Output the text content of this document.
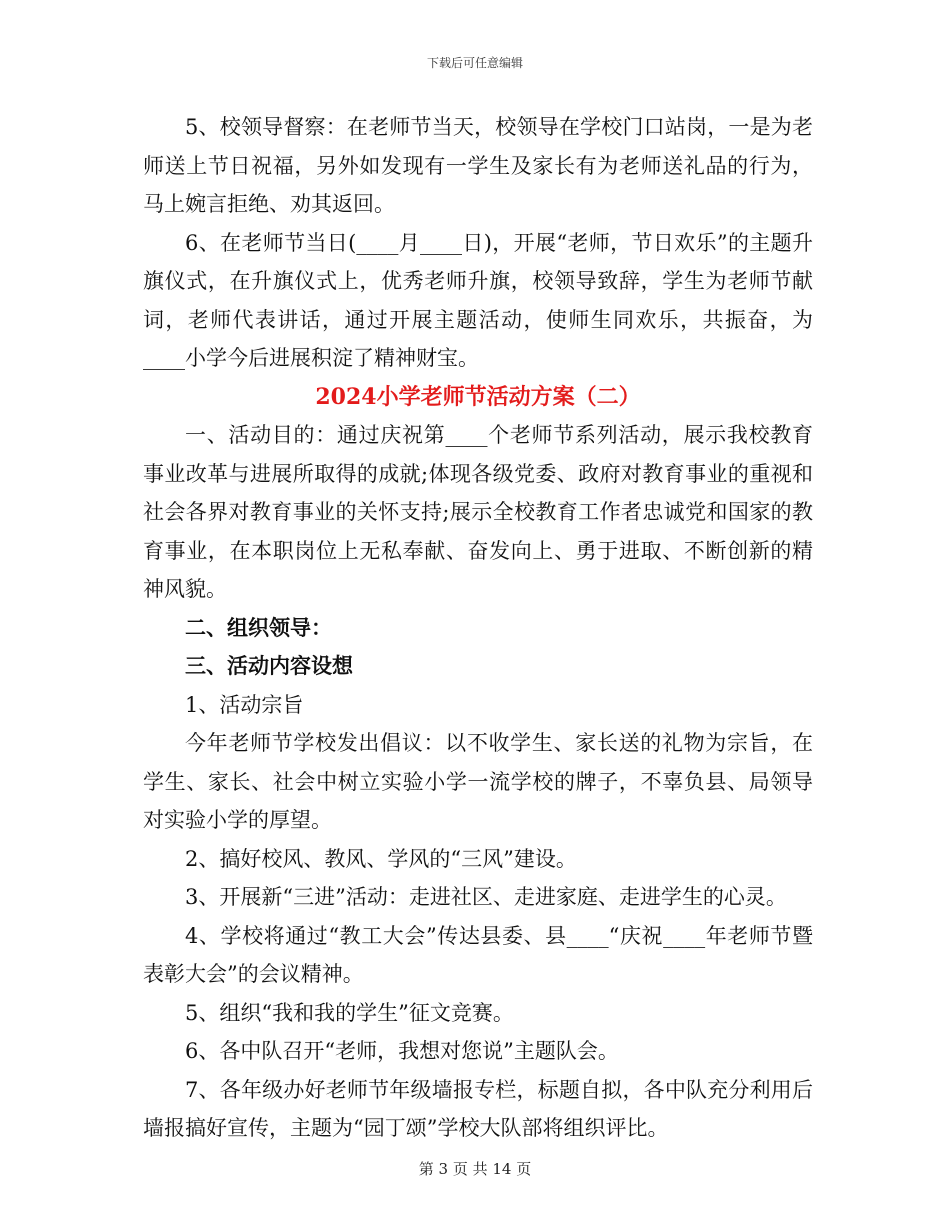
下载后可任意编辑

5、校领导督察：在老师节当天，校领导在学校门口站岗，一是为老师送上节日祝福，另外如发现有一学生及家长有为老师送礼品的行为，马上婉言拒绝、劝其返回。

6、在老师节当日(____月____日)，开展“老师，节日欢乐”的主题升旗仪式，在升旗仪式上，优秀老师升旗，校领导致辞，学生为老师节献词，老师代表讲话，通过开展主题活动，使师生同欢乐，共振奋，为____小学今后进展积淀了精神财宝。

2024小学老师节活动方案（二）

一、活动目的：通过庆祝第____个老师节系列活动，展示我校教育事业改革与进展所取得的成就;体现各级党委、政府对教育事业的重视和社会各界对教育事业的关怀支持;展示全校教育工作者忠诚党和国家的教育事业，在本职岗位上无私奉献、奋发向上、勇于进取、不断创新的精神风貌。

二、组织领导：

三、活动内容设想

1、活动宗旨

今年老师节学校发出倡议：以不收学生、家长送的礼物为宗旨，在学生、家长、社会中树立实验小学一流学校的牌子，不辜负县、局领导对实验小学的厚望。

2、搞好校风、教风、学风的“三风”建设。

3、开展新“三进”活动：走进社区、走进家庭、走进学生的心灵。

4、学校将通过“教工大会”传达县委、县____“庆祝____年老师节暨表彰大会”的会议精神。

5、组织“我和我的学生”征文竞赛。

6、各中队召开“老师，我想对您说”主题队会。

7、各年级办好老师节年级墙报专栏，标题自拟，各中队充分利用后墙报搞好宣传，主题为“园丁颂”学校大队部将组织评比。

第 3 页 共 14 页
